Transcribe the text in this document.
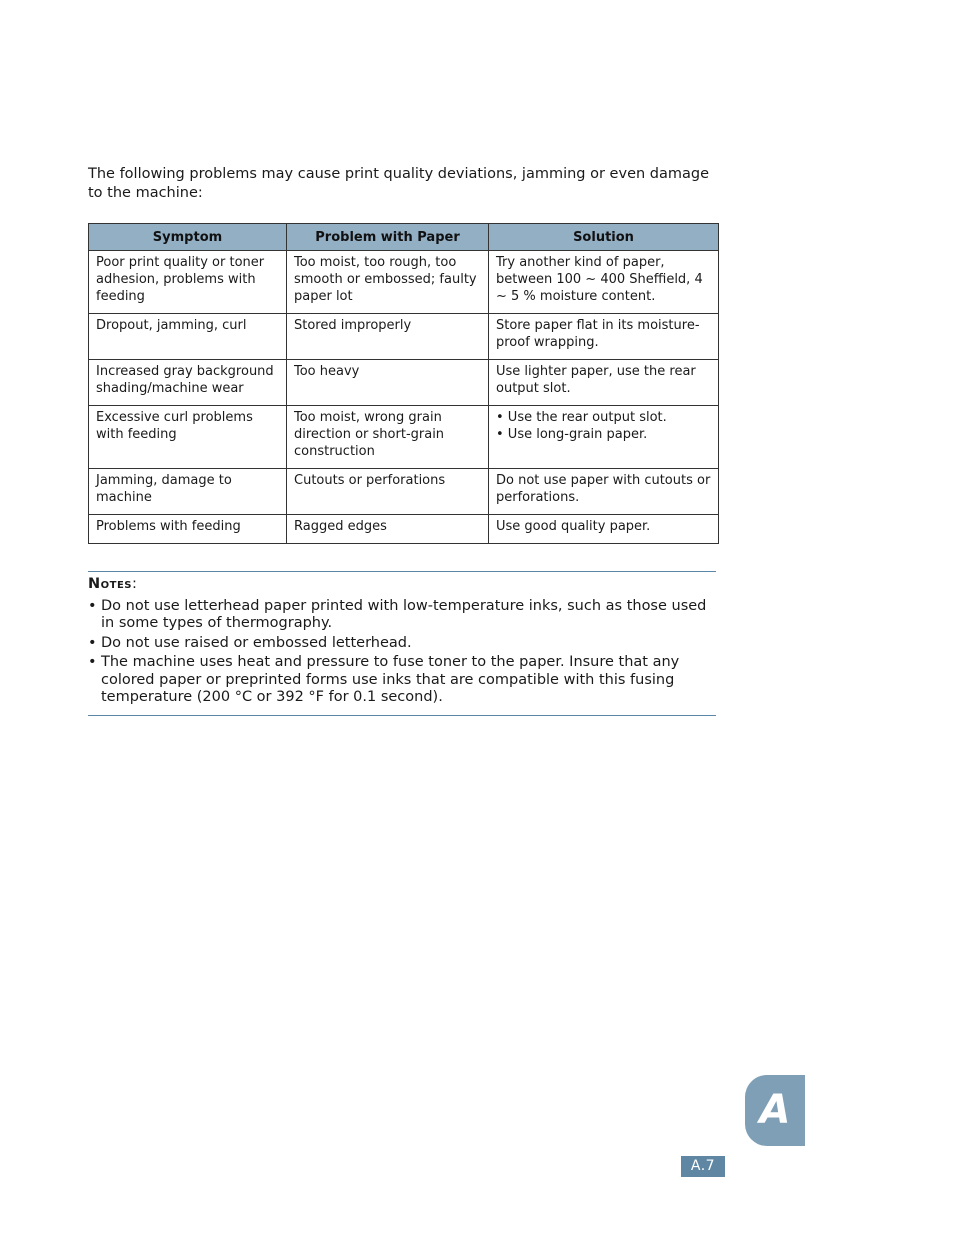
The following problems may cause print quality deviations, jamming or even damage to the machine:
Symptom	Problem with Paper	Solution
Poor print quality or toner adhesion, problems with feeding	Too moist, too rough, too smooth or embossed; faulty paper lot	Try another kind of paper, between 100 ~ 400 Sheffield, 4 ~ 5 % moisture content.
Dropout, jamming, curl	Stored improperly	Store paper flat in its moisture-proof wrapping.
Increased gray background shading/machine wear	Too heavy	Use lighter paper, use the rear output slot.
Excessive curl problems with feeding	Too moist, wrong grain direction or short-grain construction	• Use the rear output slot.
• Use long-grain paper.

Jamming, damage to machine	Cutouts or perforations	Do not use paper with cutouts or perforations.
Problems with feeding	Ragged edges	Use good quality paper.
Notes:
• Do not use letterhead paper printed with low-temperature inks, such as those used in some types of thermography.
• Do not use raised or embossed letterhead.
• The machine uses heat and pressure to fuse toner to the paper. Insure that any colored paper or preprinted forms use inks that are compatible with this fusing temperature (200 °C or 392 °F for 0.1 second).
A
A.7
